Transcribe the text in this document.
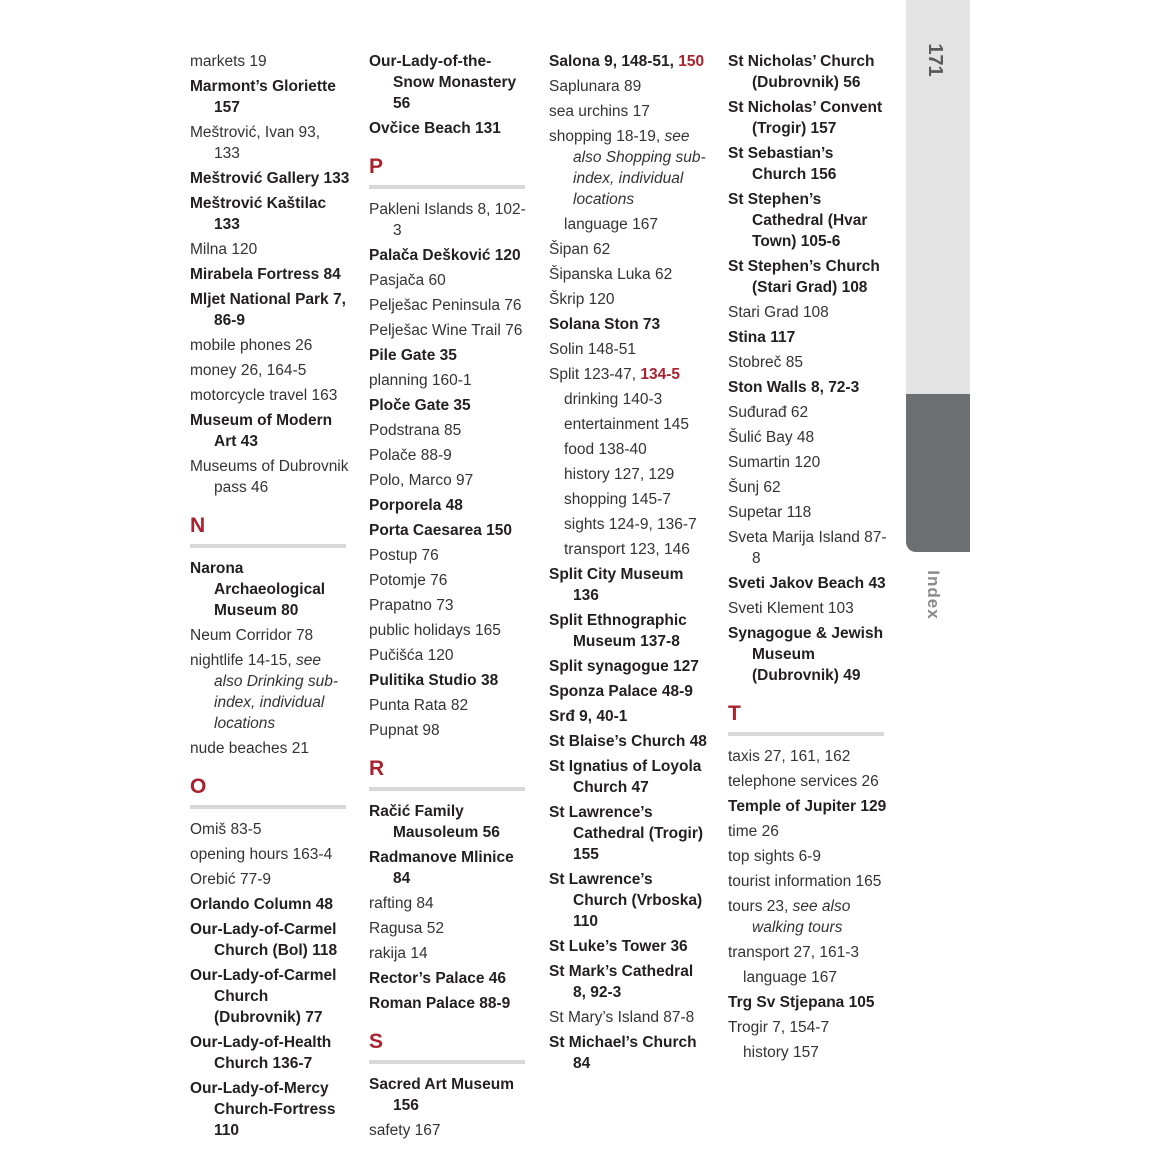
171
Index
markets 19
Marmont’s Gloriette 157
Meštrović, Ivan 93, 133
Meštrović Gallery 133
Meštrović Kaštilac 133
Milna 120
Mirabela Fortress 84
Mljet National Park 7, 86-9
mobile phones 26
money 26, 164-5
motorcycle travel 163
Museum of Modern Art 43
Museums of Dubrovnik pass 46
N
Narona Archaeological Museum 80
Neum Corridor 78
nightlife 14-15, see also Drinking sub-index, individual locations
nude beaches 21
O
Omiš 83-5
opening hours 163-4
Orebić 77-9
Orlando Column 48
Our-Lady-of-Carmel Church (Bol) 118
Our-Lady-of-Carmel Church (Dubrovnik) 77
Our-Lady-of-Health Church 136-7
Our-Lady-of-Mercy Church-Fortress 110
Our-Lady-of-the-Snow Monastery 56
Ovčice Beach 131
P
Pakleni Islands 8, 102-3
Palača Dešković 120
Pasjača 60
Pelješac Peninsula 76
Pelješac Wine Trail 76
Pile Gate 35
planning 160-1
Ploče Gate 35
Podstrana 85
Polače 88-9
Polo, Marco 97
Porporela 48
Porta Caesarea 150
Postup 76
Potomje 76
Prapatno 73
public holidays 165
Pučišća 120
Pulitika Studio 38
Punta Rata 82
Pupnat 98
R
Račić Family Mausoleum 56
Radmanove Mlinice 84
rafting 84
Ragusa 52
rakija 14
Rector’s Palace 46
Roman Palace 88-9
S
Sacred Art Museum 156
safety 167
Salona 9, 148-51, 150
Saplunara 89
sea urchins 17
shopping 18-19, see also Shopping sub-index, individual locations
language 167
Šipan 62
Šipanska Luka 62
Škrip 120
Solana Ston 73
Solin 148-51
Split 123-47, 134-5
drinking 140-3
entertainment 145
food 138-40
history 127, 129
shopping 145-7
sights 124-9, 136-7
transport 123, 146
Split City Museum 136
Split Ethnographic Museum 137-8
Split synagogue 127
Sponza Palace 48-9
Srđ 9, 40-1
St Blaise’s Church 48
St Ignatius of Loyola Church 47
St Lawrence’s Cathedral (Trogir) 155
St Lawrence’s Church (Vrboska) 110
St Luke’s Tower 36
St Mark’s Cathedral 8, 92-3
St Mary’s Island 87-8
St Michael’s Church 84
St Nicholas’ Church (Dubrovnik) 56
St Nicholas’ Convent (Trogir) 157
St Sebastian’s Church 156
St Stephen’s Cathedral (Hvar Town) 105-6
St Stephen’s Church (Stari Grad) 108
Stari Grad 108
Stina 117
Stobreč 85
Ston Walls 8, 72-3
Suđurađ 62
Šulić Bay 48
Sumartin 120
Šunj 62
Supetar 118
Sveta Marija Island 87-8
Sveti Jakov Beach 43
Sveti Klement 103
Synagogue & Jewish Museum (Dubrovnik) 49
T
taxis 27, 161, 162
telephone services 26
Temple of Jupiter 129
time 26
top sights 6-9
tourist information 165
tours 23, see also walking tours
transport 27, 161-3
language 167
Trg Sv Stjepana 105
Trogir 7, 154-7
history 157
